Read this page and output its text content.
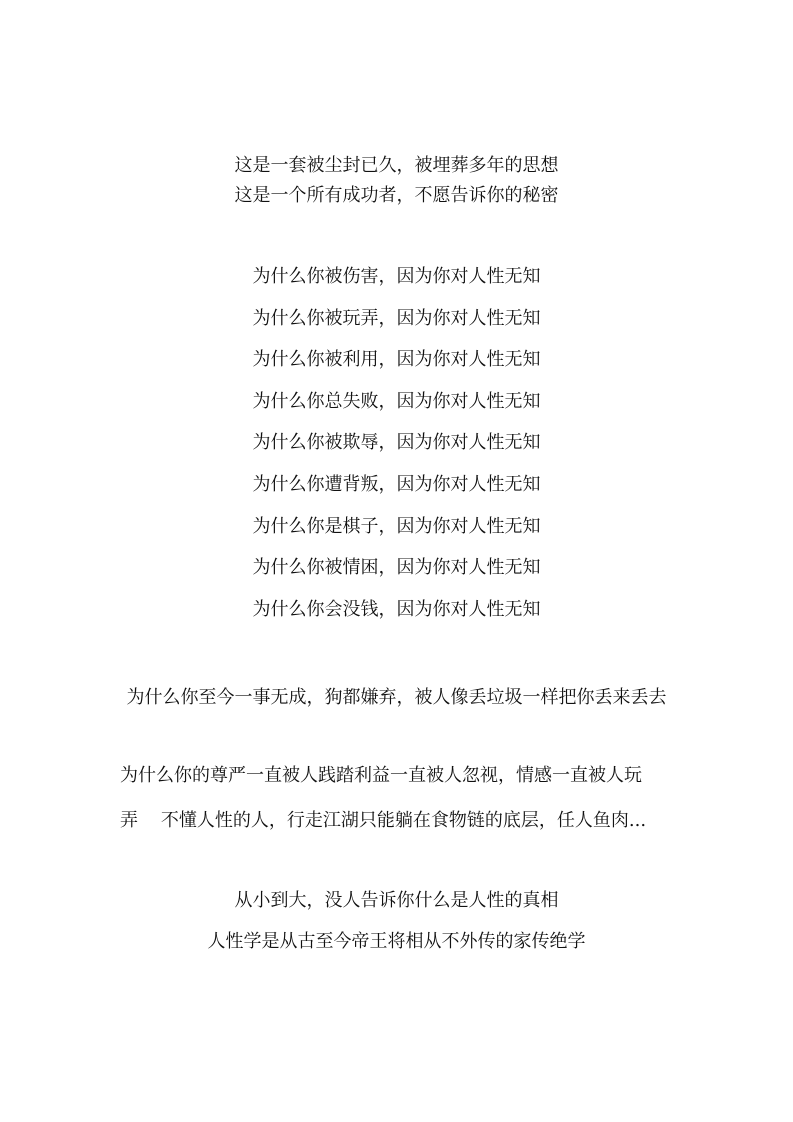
这是一套被尘封已久，被埋葬多年的思想
这是一个所有成功者，不愿告诉你的秘密
为什么你被伤害，因为你对人性无知
为什么你被玩弄，因为你对人性无知
为什么你被利用，因为你对人性无知
为什么你总失败，因为你对人性无知
为什么你被欺辱，因为你对人性无知
为什么你遭背叛，因为你对人性无知
为什么你是棋子，因为你对人性无知
为什么你被情困，因为你对人性无知
为什么你会没钱，因为你对人性无知
为什么你至今一事无成，狗都嫌弃，被人像丢垃圾一样把你丢来丢去
为什么你的尊严一直被人践踏利益一直被人忽视，情感一直被人玩
弄    不懂人性的人，行走江湖只能躺在食物链的底层，任人鱼肉...
从小到大，没人告诉你什么是人性的真相
人性学是从古至今帝王将相从不外传的家传绝学
